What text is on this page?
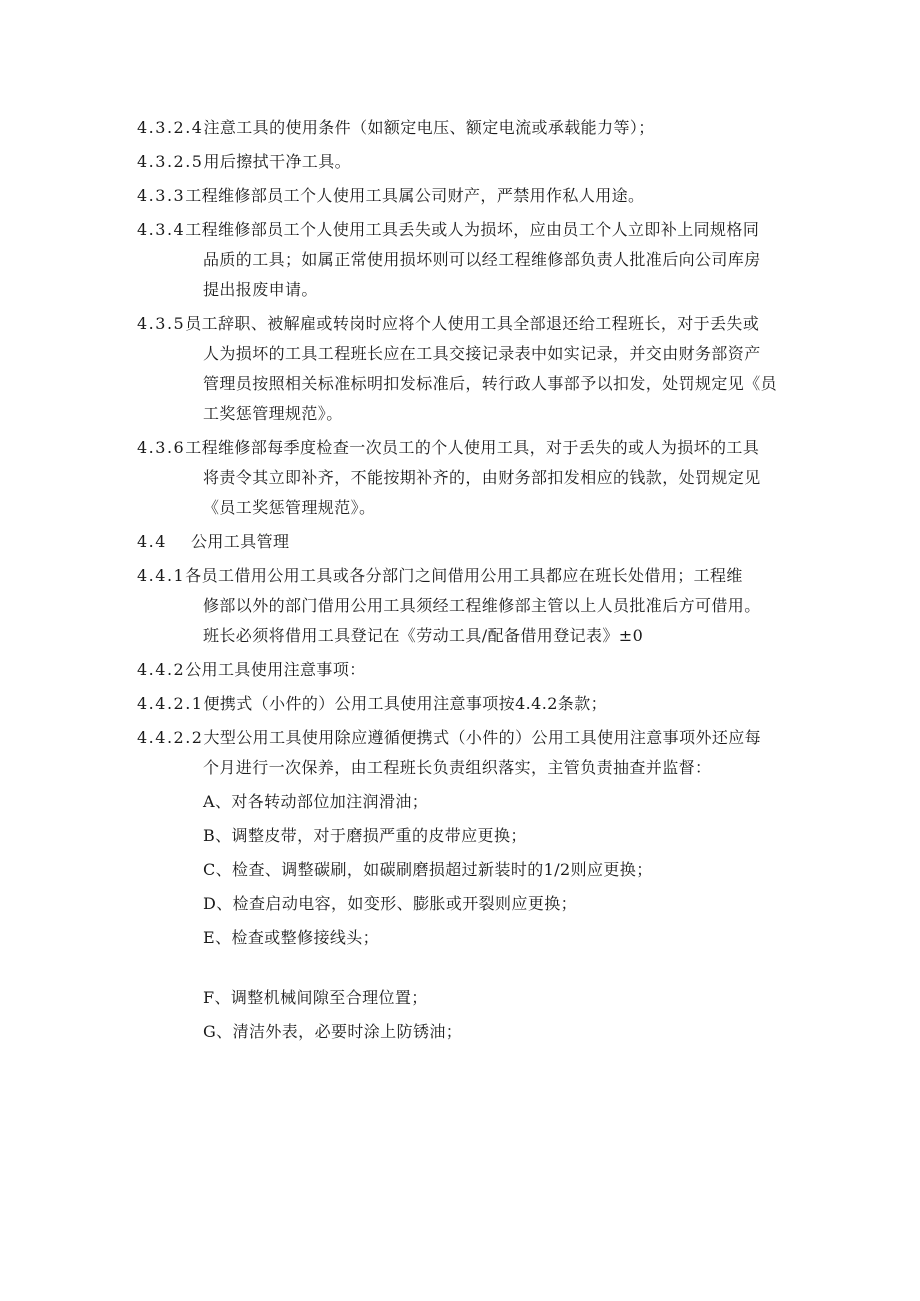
4.3.2.4注意工具的使用条件（如额定电压、额定电流或承载能力等）；

4.3.2.5用后擦拭干净工具。

4.3.3工程维修部员工个人使用工具属公司财产，严禁用作私人用途。

4.3.4工程维修部员工个人使用工具丢失或人为损坏，应由员工个人立即补上同规格同

品质的工具；如属正常使用损坏则可以经工程维修部负责人批准后向公司库房

提出报废申请。

4.3.5员工辞职、被解雇或转岗时应将个人使用工具全部退还给工程班长，对于丢失或

人为损坏的工具工程班长应在工具交接记录表中如实记录，并交由财务部资产

管理员按照相关标准标明扣发标准后，转行政人事部予以扣发，处罚规定见《员

工奖惩管理规范》。

4.3.6工程维修部每季度检查一次员工的个人使用工具，对于丢失的或人为损坏的工具

将责令其立即补齐，不能按期补齐的，由财务部扣发相应的钱款，处罚规定见

《员工奖惩管理规范》。

4.4 公用工具管理

4.4.1各员工借用公用工具或各分部门之间借用公用工具都应在班长处借用；工程维

修部以外的部门借用公用工具须经工程维修部主管以上人员批准后方可借用。

班长必须将借用工具登记在《劳动工具/配备借用登记表》±0

4.4.2公用工具使用注意事项：

4.4.2.1便携式（小件的）公用工具使用注意事项按4.4.2条款；

4.4.2.2大型公用工具使用除应遵循便携式（小件的）公用工具使用注意事项外还应每

个月进行一次保养，由工程班长负责组织落实，主管负责抽查并监督：

A、对各转动部位加注润滑油；

B、调整皮带，对于磨损严重的皮带应更换；

C、检查、调整碳刷，如碳刷磨损超过新装时的1/2则应更换；

D、检查启动电容，如变形、膨胀或开裂则应更换；

E、检查或整修接线头；

F、调整机械间隙至合理位置；

G、清洁外表，必要时涂上防锈油；
